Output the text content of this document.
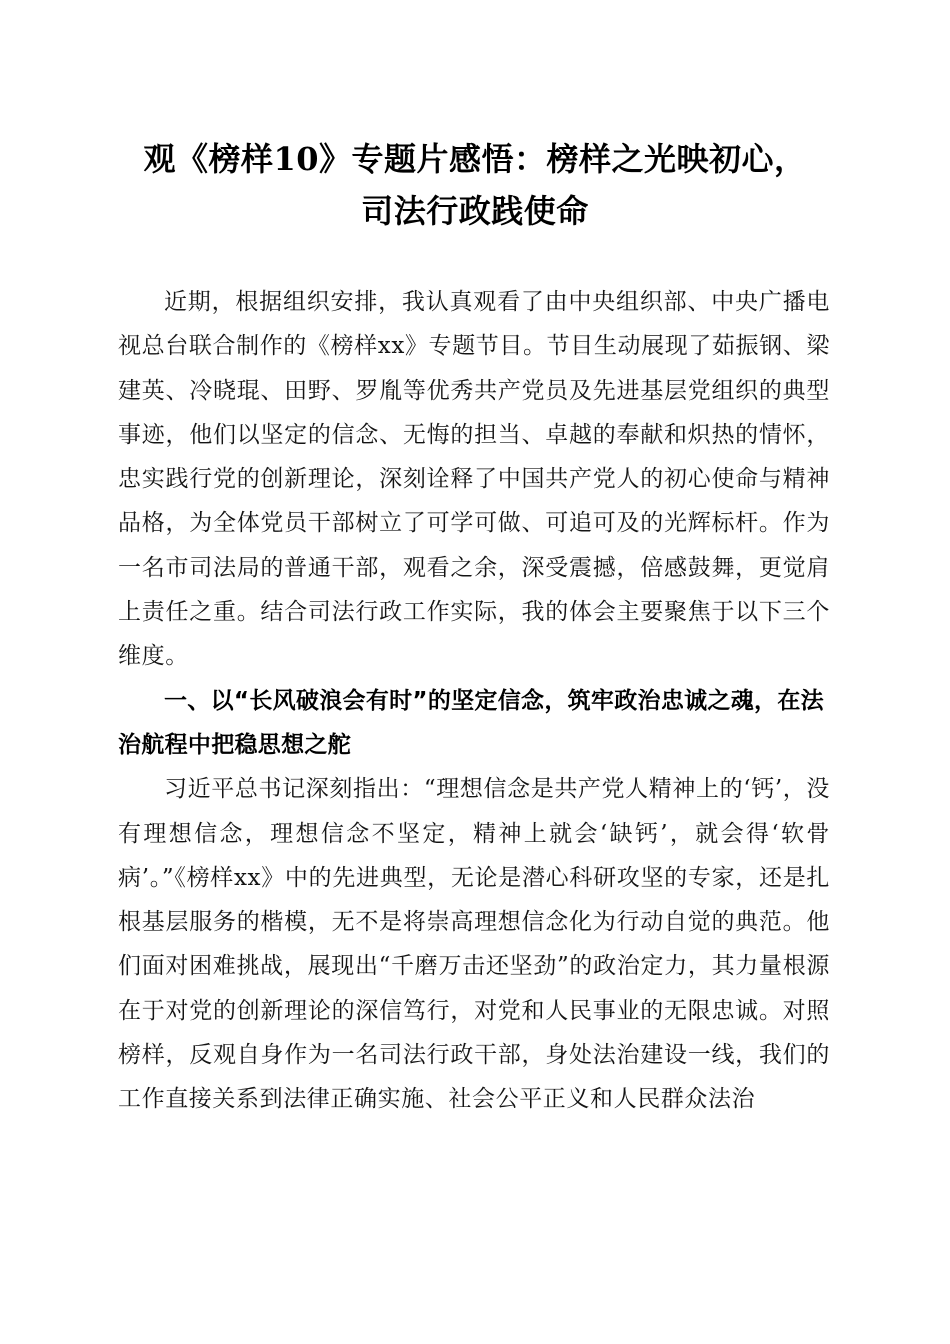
观《榜样10》专题片感悟：榜样之光映初心，
司法行政践使命

近期，根据组织安排，我认真观看了由中央组织部、中央广播电视总台联合制作的《榜样xx》专题节目。节目生动展现了茹振钢、梁建英、冷晓琨、田野、罗胤等优秀共产党员及先进基层党组织的典型事迹，他们以坚定的信念、无悔的担当、卓越的奉献和炽热的情怀，忠实践行党的创新理论，深刻诠释了中国共产党人的初心使命与精神品格，为全体党员干部树立了可学可做、可追可及的光辉标杆。作为一名市司法局的普通干部，观看之余，深受震撼，倍感鼓舞，更觉肩上责任之重。结合司法行政工作实际，我的体会主要聚焦于以下三个维度。

一、以“长风破浪会有时”的坚定信念，筑牢政治忠诚之魂，在法治航程中把稳思想之舵

习近平总书记深刻指出：“理想信念是共产党人精神上的‘钙’，没有理想信念，理想信念不坚定，精神上就会‘缺钙’，就会得‘软骨病’。”《榜样xx》中的先进典型，无论是潜心科研攻坚的专家，还是扎根基层服务的楷模，无不是将崇高理想信念化为行动自觉的典范。他们面对困难挑战，展现出“千磨万击还坚劲”的政治定力，其力量根源在于对党的创新理论的深信笃行，对党和人民事业的无限忠诚。对照榜样，反观自身作为一名司法行政干部，身处法治建设一线，我们的工作直接关系到法律正确实施、社会公平正义和人民群众法治
